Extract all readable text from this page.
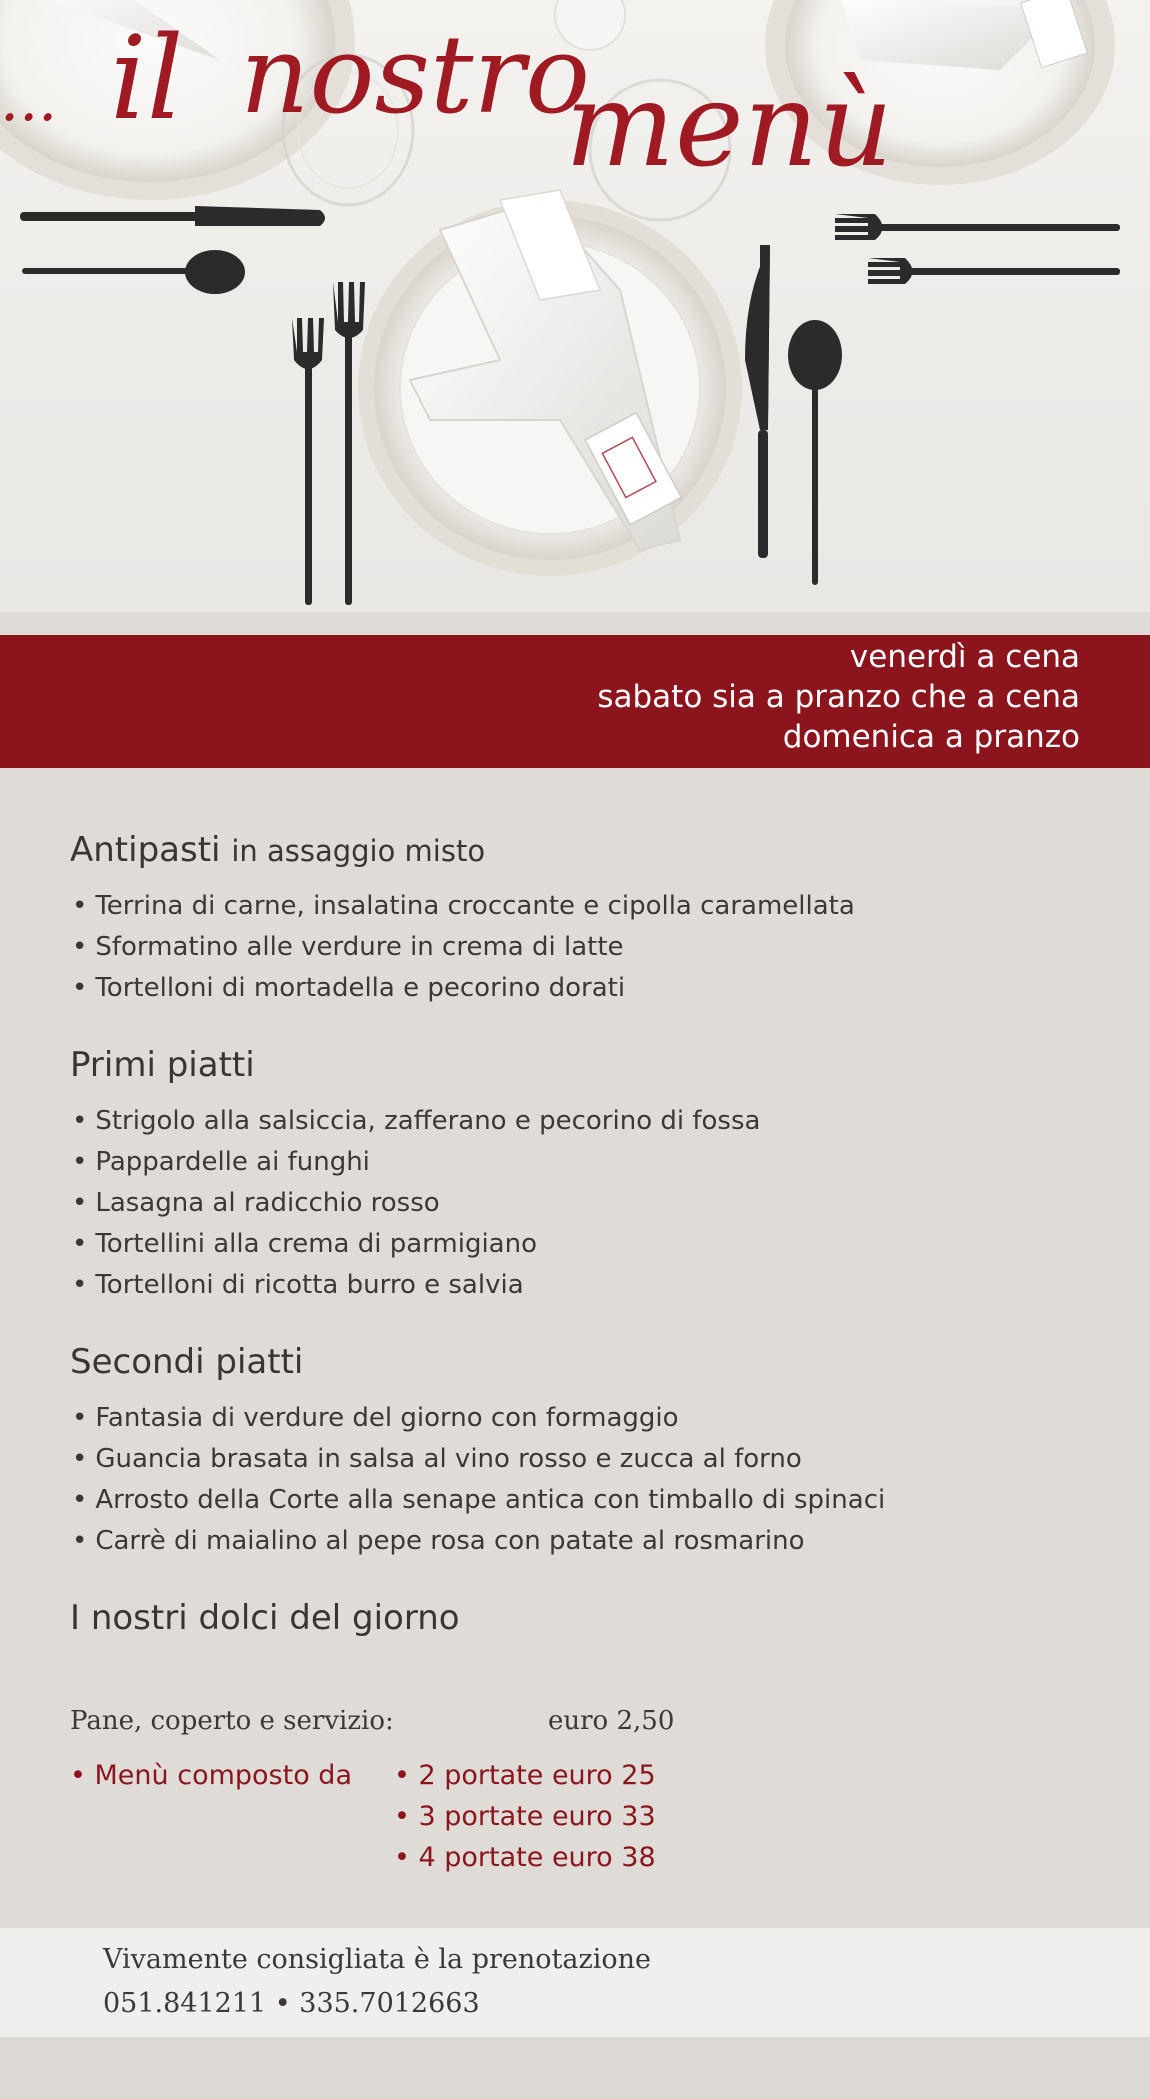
... il nostro
menù
venerdì a cena
sabato sia a pranzo che a cena
domenica a pranzo
Antipasti in assaggio misto
• Terrina di carne, insalatina croccante e cipolla caramellata
• Sformatino alle verdure in crema di latte
• Tortelloni di mortadella e pecorino dorati
Primi piatti
• Strigolo alla salsiccia, zafferano e pecorino di fossa
• Pappardelle ai funghi
• Lasagna al radicchio rosso
• Tortellini alla crema di parmigiano
• Tortelloni di ricotta burro e salvia
Secondi piatti
• Fantasia di verdure del giorno con formaggio
• Guancia brasata in salsa al vino rosso e zucca al forno
• Arrosto della Corte alla senape antica con timballo di spinaci
• Carrè di maialino al pepe rosa con patate al rosmarino
I nostri dolci del giorno
Pane, coperto e servizio:	euro 2,50
• Menù composto da • 2 portate euro 25
• 3 portate euro 33
• 4 portate euro 38
Vivamente consigliata è la prenotazione
051.841211 • 335.7012663
